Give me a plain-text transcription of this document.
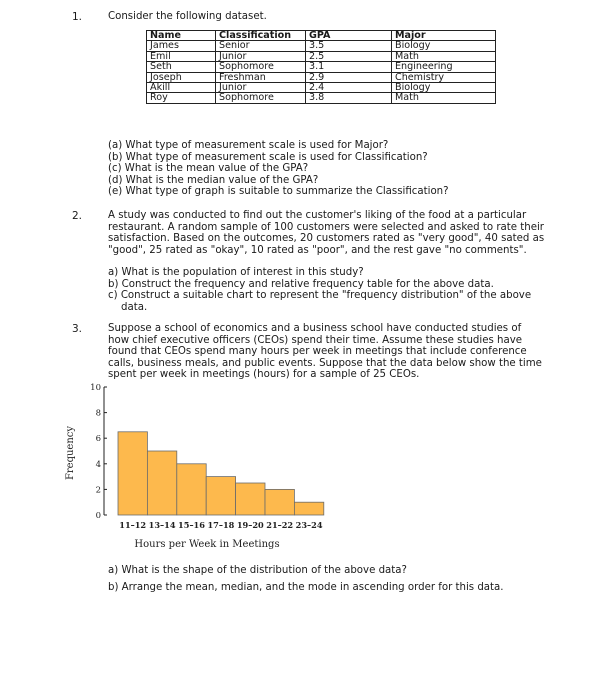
1.	Consider the following dataset.
Name	Classification	GPA	Major
James	Senior	3.5	Biology
Emil	Junior	2.5	Math
Seth	Sophomore	3.1	Engineering
Joseph	Freshman	2.9	Chemistry
Akill	Junior	2.4	Biology
Roy	Sophomore	3.8	Math
(a) What type of measurement scale is used for Major?
(b) What type of measurement scale is used for Classification?
(c) What is the mean value of the GPA?
(d) What is the median value of the GPA?
(e) What type of graph is suitable to summarize the Classification?
2.	A study was conducted to find out the customer's liking of the food at a particular
restaurant. A random sample of 100 customers were selected and asked to rate their
satisfaction. Based on the outcomes, 20 customers rated as "very good", 40 sated as
"good", 25 rated as "okay", 10 rated as "poor", and the rest gave "no comments".
a) What is the population of interest in this study?
b) Construct the frequency and relative frequency table for the above data.
c) Construct a suitable chart to represent the "frequency distribution" of the above
data.
3.	Suppose a school of economics and a business school have conducted studies of
how chief executive officers (CEOs) spend their time. Assume these studies have
found that CEOs spend many hours per week in meetings that include conference
calls, business meals, and public events. Suppose that the data below show the time
spent per week in meetings (hours) for a sample of 25 CEOs.
0
2
4
6
8
10
11–12 13–14 15–16 17–18 19–20 21–22 23–24
Frequency
Hours per Week in Meetings
a) What is the shape of the distribution of the above data?
b) Arrange the mean, median, and the mode in ascending order for this data.
